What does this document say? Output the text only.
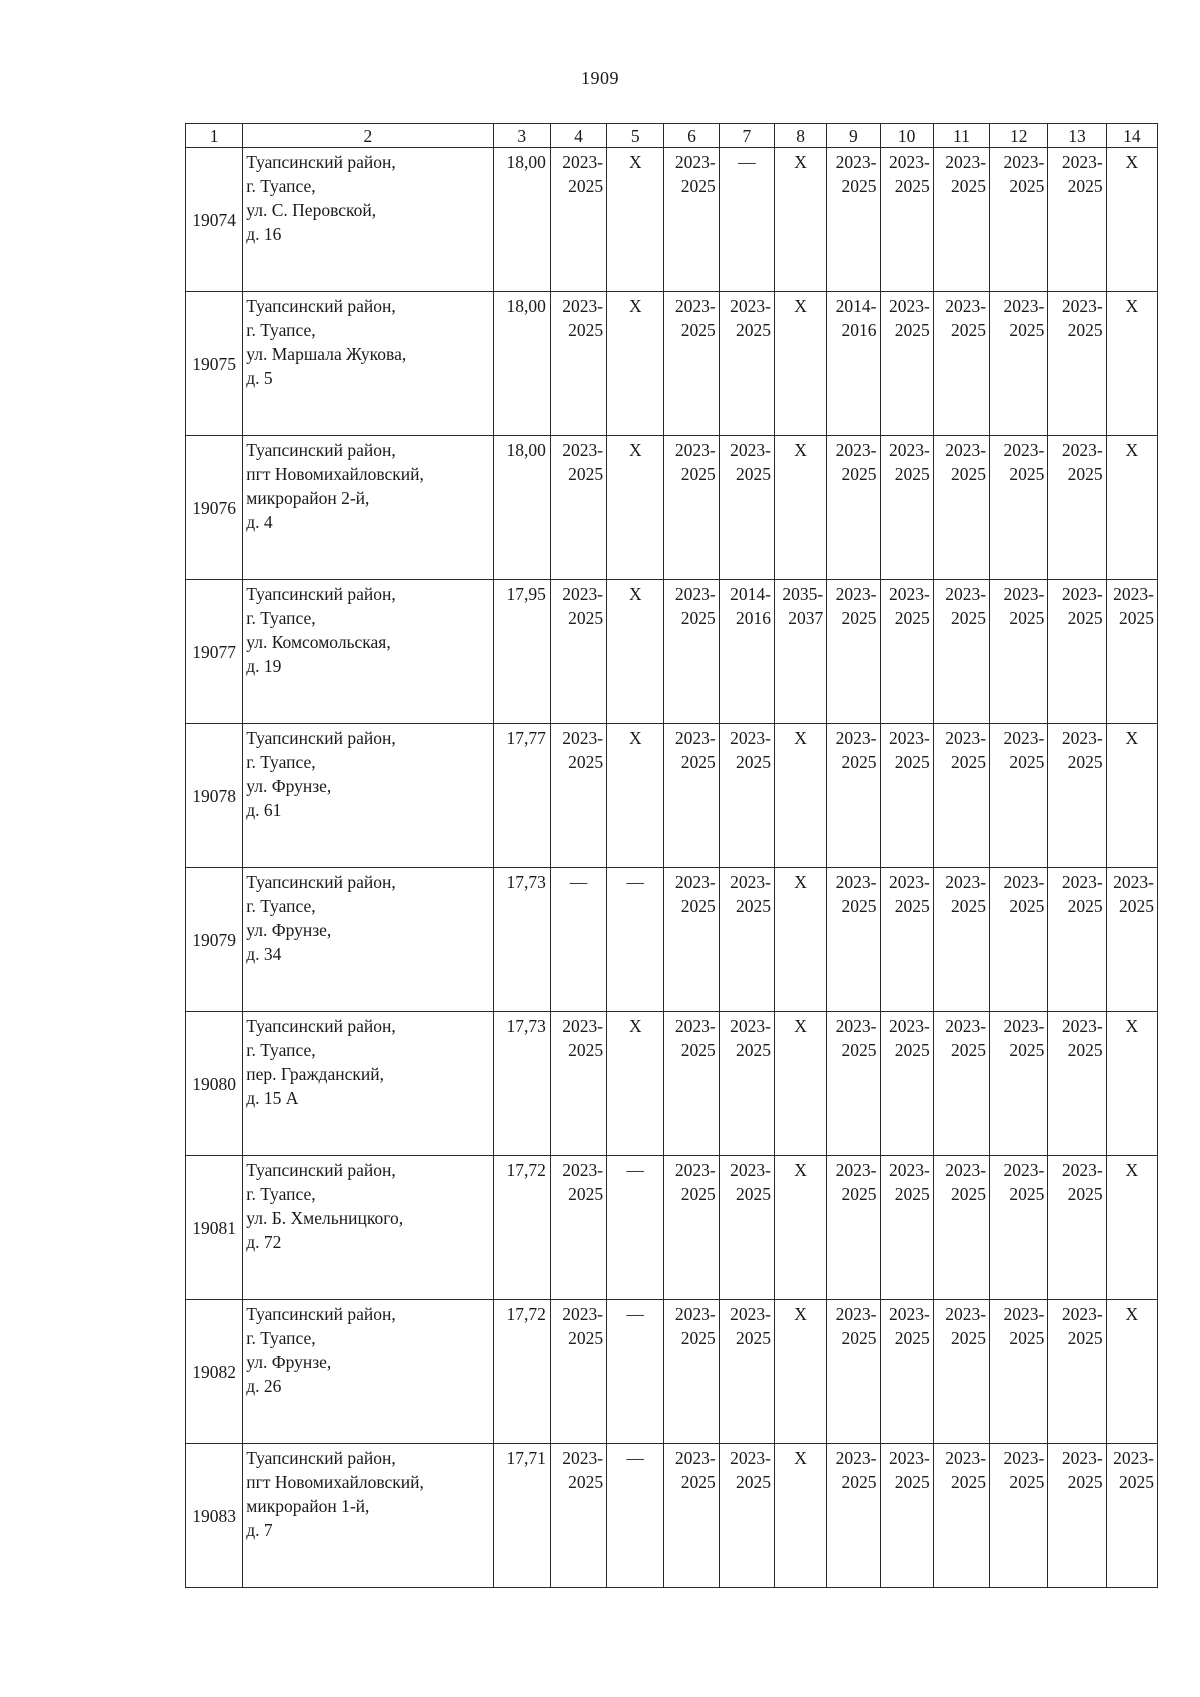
1909
1	2	3	4	5	6	7	8	9	10	11	12	13	14
19074	Туапсинский район,
г. Туапсе,
ул. С. Перовской,
д. 16	18,00	2023-
2025	Х	2023-
2025	—	Х	2023-
2025	2023-
2025	2023-
2025	2023-
2025	2023-
2025	Х
19075	Туапсинский район,
г. Туапсе,
ул. Маршала Жукова,
д. 5	18,00	2023-
2025	Х	2023-
2025	2023-
2025	Х	2014-
2016	2023-
2025	2023-
2025	2023-
2025	2023-
2025	Х
19076	Туапсинский район,
пгт Новомихайловский,
микрорайон 2-й,
д. 4	18,00	2023-
2025	Х	2023-
2025	2023-
2025	Х	2023-
2025	2023-
2025	2023-
2025	2023-
2025	2023-
2025	Х
19077	Туапсинский район,
г. Туапсе,
ул. Комсомольская,
д. 19	17,95	2023-
2025	Х	2023-
2025	2014-
2016	2035-
2037	2023-
2025	2023-
2025	2023-
2025	2023-
2025	2023-
2025	2023-
2025
19078	Туапсинский район,
г. Туапсе,
ул. Фрунзе,
д. 61	17,77	2023-
2025	Х	2023-
2025	2023-
2025	Х	2023-
2025	2023-
2025	2023-
2025	2023-
2025	2023-
2025	Х
19079	Туапсинский район,
г. Туапсе,
ул. Фрунзе,
д. 34	17,73	—	—	2023-
2025	2023-
2025	Х	2023-
2025	2023-
2025	2023-
2025	2023-
2025	2023-
2025	2023-
2025
19080	Туапсинский район,
г. Туапсе,
пер. Гражданский,
д. 15 А	17,73	2023-
2025	Х	2023-
2025	2023-
2025	Х	2023-
2025	2023-
2025	2023-
2025	2023-
2025	2023-
2025	Х
19081	Туапсинский район,
г. Туапсе,
ул. Б. Хмельницкого,
д. 72	17,72	2023-
2025	—	2023-
2025	2023-
2025	Х	2023-
2025	2023-
2025	2023-
2025	2023-
2025	2023-
2025	Х
19082	Туапсинский район,
г. Туапсе,
ул. Фрунзе,
д. 26	17,72	2023-
2025	—	2023-
2025	2023-
2025	Х	2023-
2025	2023-
2025	2023-
2025	2023-
2025	2023-
2025	Х
19083	Туапсинский район,
пгт Новомихайловский,
микрорайон 1-й,
д. 7	17,71	2023-
2025	—	2023-
2025	2023-
2025	Х	2023-
2025	2023-
2025	2023-
2025	2023-
2025	2023-
2025	2023-
2025
